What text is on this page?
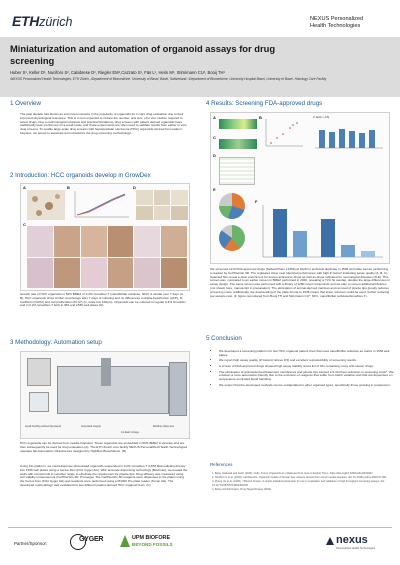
ETHzürich	NEXUS Personalized
Health Technologies
Miniaturization and automation of organoid assays for drug
screening
Huber S¹, Keller D¹, Nuciforo S², Calabrese D², Riegler EM¹,Cazzato S¹, Fäs L¹, Heim M², Stirnimann CU¹, Booij TH¹
¹NEXUS Personalized Health Technologies, ETH Zürich, ²Department of Biomedicine, University of Basel, Basel, Switzerland; ³Department of Biomedicine, University Hospital Basel, University of Basel, Histology Core Facility
1 Overview

The past decade has shown an enormous increase in the popularity of organoids for in vitro drug evaluation due to their improved physiological relevance. This is in turn expected to reduce the number, and size, of in vivo studies required to select drugs. Due to technological restraints and practical limitations, drug screens with patient derived organoids have traditionally been performed on a small scale, and those experiments are often used to validate results from earlier in vitro drug screens. To enable large-scale drug screens with hepatocellular carcinoma (HCC) organoids derived from patient biopsies, we aimed to automate and miniaturize the drug screening methodology¹.

2 Introduction: HCC organoids develop in GrowDex
A	B
C
D

Growth rate of HCC organoids in 50% BME2 or 0.2% GrowDex-T (nanofibrillar cellulose, NFC) is similar over 7 days (A, B). HCC organoids show similar morphology after 7 days of culturing and no differences in Alpha-FetoProtein (AFP), N-Cadherin (CDH2) and cell proliferation (Ki-67) (C, scale bar 100μm). Organoids can be cultured in regular 0.4% GrowDex and in 0.2% GrowDex-T both in 384 and 1536 well plates (D).

3 Methodology: Automation setup
Liquid handling workcell (tip-based)	Automated imaging
Incubator storage
Multidrop dispensers

HCC organoids can be derived from needle biopsies². These organoids are embedded in 50% BME2 to develop and are then subsequently be used for drug evaluation (A). The ETH Zurich core facility NEXUS Personalized Health Technologies operates lab-automation infrastructure designed by HighRes Biosolutions. (B)

Using this platform, we could dispense dissociated organoids suspended in 0.2% GrowDex-T (UPM Biomedicals) directly into 1536 well plates using a Certus Flex (Fritz Gyger AG). With accurate dispensing technology (Biodmas), we treated the wells with compounds in nanoliter range to eliminate the requirement for pipette tips. Drug efficacy was measured using cell viability measurement (CellTiterGlo 3D, Promega). The CellTiterGlo 3D reagents were dispensed to the plates using the Certus Flex (Fritz Gyger AG) and readouts were performed using a M1000 Pro plate reader (Tecan AG). The developed methodology was evaluated for two different patient-derived HCC organoid lines. (C)

4 Results: Screening FDA-approved drugs
A	B
C
D
E
F
Z' factor (~0.5)

We screened 1172 FDA approved drugs (SelleckChem L1300) at 10μM in technical duplicate in 1536 well plate format, performing a readout by CellTiterGlo 3D. The replicates show near identical performance with high Z'-factor³ indicating assay quality (A, B, C). Selected hits reveal a clear enrichment for known anticancer drugs as well as drugs indicated for neurological diseases (D-E). This screen was, compared to an earlier screen in BME2 performed in 2020, revealing a 71% hit overlap, despite the large differences in assay design. The same screen was performed with a library of 1280 novel compounds and we plan to screen additional libraries (not shown here, manuscript in preparation). The elimination of animal-derived matrices and removal of pipette tips greatly reduces screening costs. Additionally, the downscaling of the plate format to 1536 meant that lower volumes could be used, further reducing per-sample cost. (F, figure reproduced from Booij TH and Stirnimann CU⁴: NFC, nanofibrillar cellulose/GrowDex-T).

5 Conclusion
• We developed a screening platform for two HCC organoid patient lines that uses nanofibrillar cellulose as matrix in 1536 well plates.
• We report high assay quality (Z'-factors³ above 0.5) and excellent reproducibility of screening results.
• A screen of FDA-approved drugs showed high assay stability and a list of hits containing many anti-cancer drugs.
• The elimination of animal-derived basement membranes and pipette tips caused a 5-10 times reduction in screening costs⁴. We envision a more automation-friendly due to the exclusion of reagents that suffer from batch variation and that are dependent on temperature-controlled liquid handling.
• We expect that the developed methods can be extrapolated to other organoid types, specifically those growing in suspension.
References

1. Booij, Gaikwad and Huch (2022). Cells: Tumor Organoids as a Relevant Tool. How to Exploit Them. https://doi.org/10.3390/cells11101652

2. Nuciforo S et al. (2018). Cell Reports. Organoid models of human liver cancers derived from tumor needle biopsies. doi: 10.1016/j.celrep.2018.07.001

3. Zhang JH et al. (1999). J Biomol Screen. A simple statistical parameter for use in evaluation and validation of high throughput screening assays. doi: 10.1177/108705719900400206

4. Booij and Stirnimann, Drug Target Review (2022)

Partner/Sponsor:
GYGER	UPM BIOFORE
BEYOND FOSSILS	nexus
Personalized Health Technologies
